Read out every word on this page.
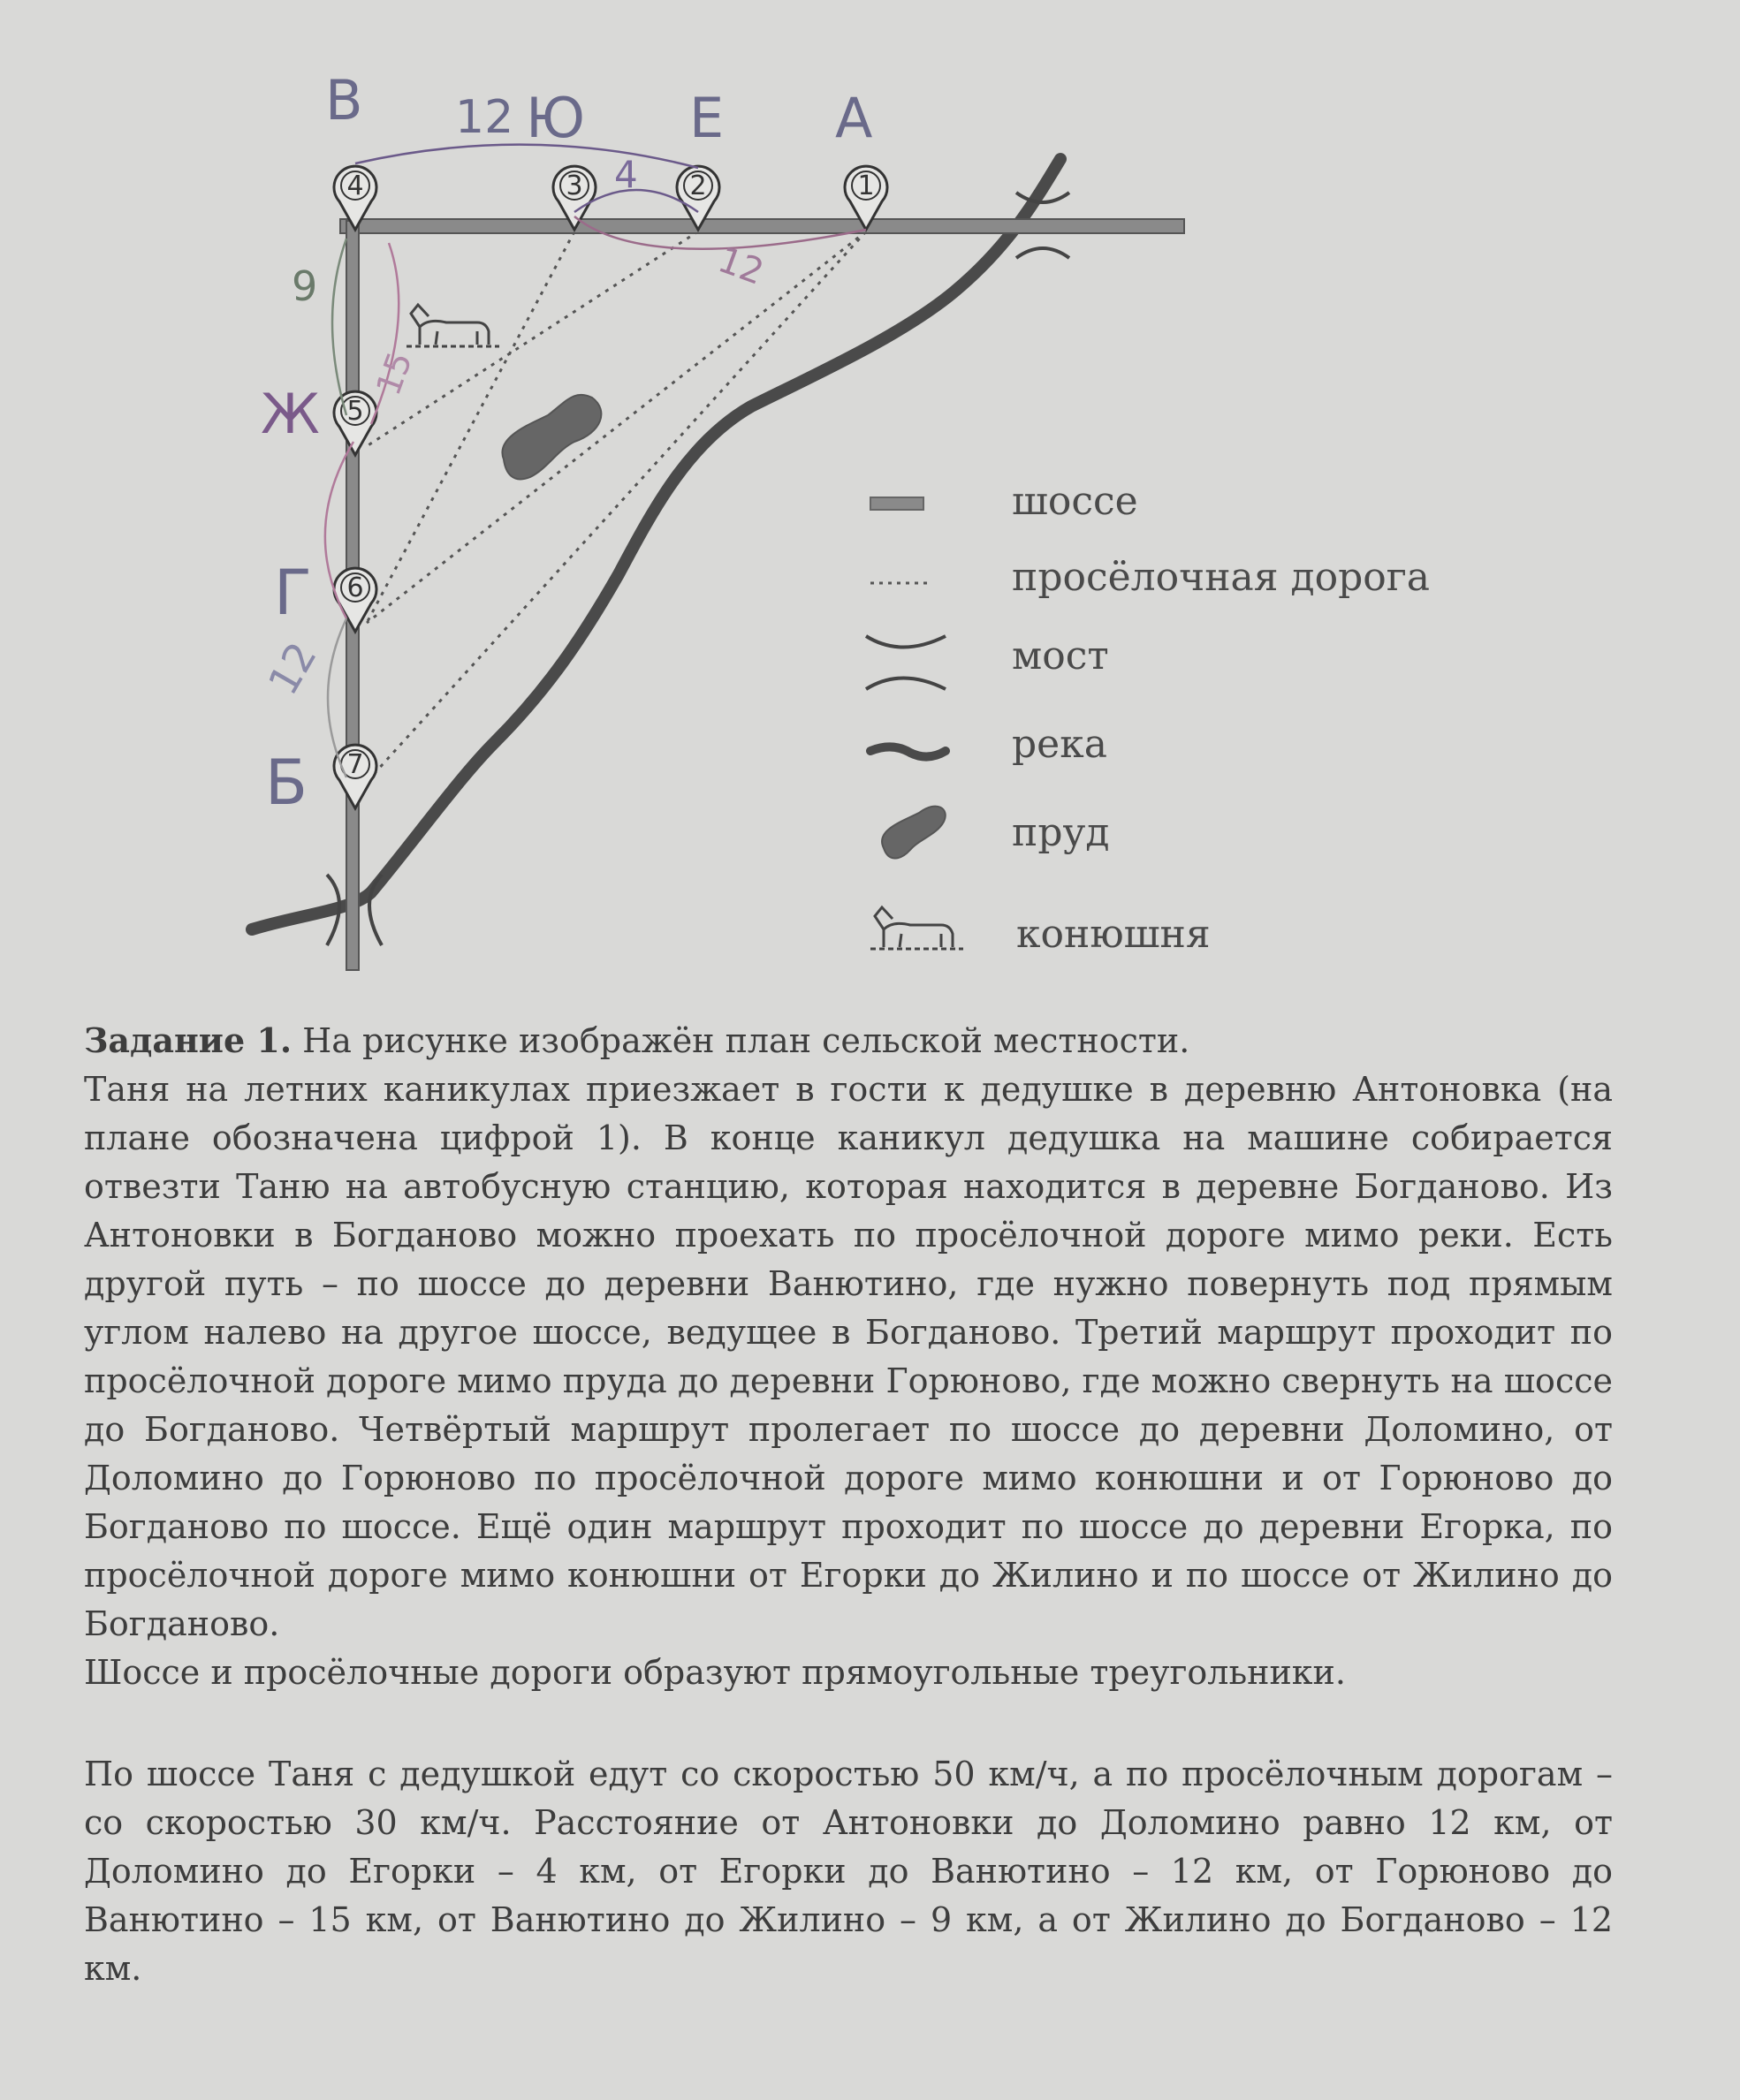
1
2
3
4
5
6
7
В 12 Ю Е А
4
12
9
15
Ж
Г
12
Б
шоссе
просёлочная дорога
мост
река
пруд
конюшня

Задание 1. На рисунке изображён план сельской местности.

Таня на летних каникулах приезжает в гости к дедушке в деревню Антоновка (на плане обозначена цифрой 1). В конце каникул дедушка на машине собирается отвезти Таню на автобусную станцию, которая находится в деревне Богданово. Из Антоновки в Богданово можно проехать по просёлочной дороге мимо реки. Есть другой путь – по шоссе до деревни Ванютино, где нужно повернуть под прямым углом налево на другое шоссе, ведущее в Богданово. Третий маршрут проходит по просёлочной дороге мимо пруда до деревни Горюново, где можно свернуть на шоссе до Богданово. Четвёртый маршрут пролегает по шоссе до деревни Доломино, от Доломино до Горюново по просёлочной дороге мимо конюшни и от Горюново до Богданово по шоссе. Ещё один маршрут проходит по шоссе до деревни Егорка, по просёлочной дороге мимо конюшни от Егорки до Жилино и по шоссе от Жилино до Богданово.

Шоссе и просёлочные дороги образуют прямоугольные треугольники.

По шоссе Таня с дедушкой едут со скоростью 50 км/ч, а по просёлочным дорогам – со скоростью 30 км/ч. Расстояние от Антоновки до Доломино равно 12 км, от Доломино до Егорки – 4 км, от Егорки до Ванютино – 12 км, от Горюново до Ванютино – 15 км, от Ванютино до Жилино – 9 км, а от Жилино до Богданово – 12 км.
